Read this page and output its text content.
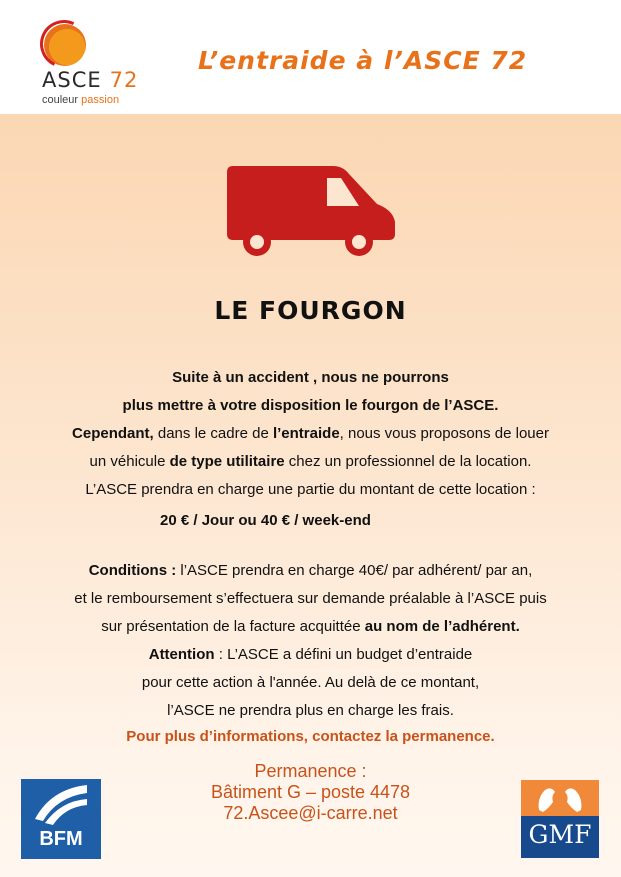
ASCE 72
couleur passion
L’entraide à l’ASCE 72
LE FOURGON
Suite à un accident , nous ne pourrons
plus mettre à votre disposition le fourgon de l’ASCE.
Cependant, dans le cadre de l’entraide, nous vous proposons de louer
un véhicule de type utilitaire chez un professionnel de la location.
L’ASCE prendra en charge une partie du montant de cette location :
20 € / Jour ou 40 € / week-end
Conditions : l’ASCE prendra en charge 40€/ par adhérent/ par an,
et le remboursement s’effectuera sur demande préalable à l’ASCE puis
sur présentation de la facture acquittée au nom de l’adhérent.
Attention : L’ASCE a défini un budget d’entraide
pour cette action à l'année. Au delà de ce montant,
l’ASCE ne prendra plus en charge les frais.
Pour plus d’informations, contactez la permanence.
Permanence :
Bâtiment G – poste 4478
72.Ascee@i-carre.net
BFM	GMF
